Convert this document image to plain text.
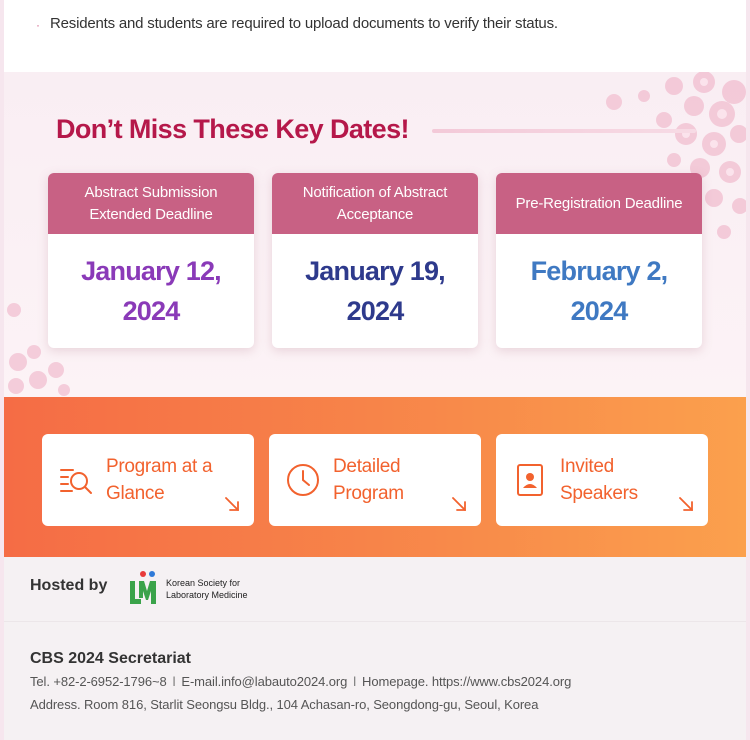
· Residents and students are required to upload documents to verify their status.
Don’t Miss These Key Dates!
Abstract Submission Extended Deadline
January 12, 2024
Notification of Abstract Acceptance
January 19, 2024
Pre-Registration Deadline
February 2, 2024
Program at a Glance
Detailed Program
Invited Speakers
Hosted by	Korean Society for
Laboratory Medicine
CBS 2024 Secretariat
Tel. +82-2-6952-1796~8 l E-mail.info@labauto2024.org l Homepage. https://www.cbs2024.org
Address. Room 816, Starlit Seongsu Bldg., 104 Achasan-ro, Seongdong-gu, Seoul, Korea
